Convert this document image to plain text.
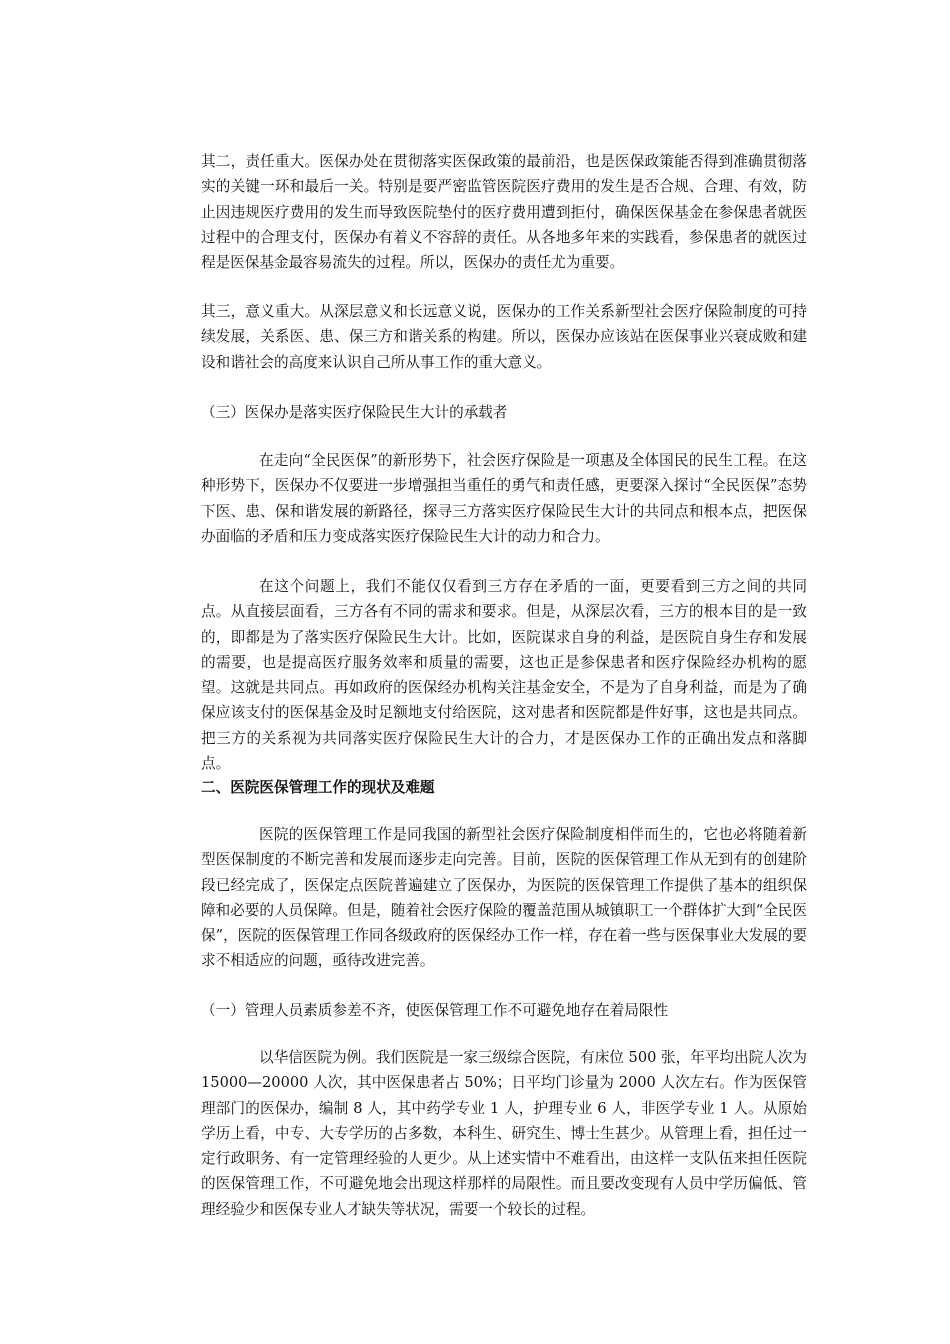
其二，责任重大。医保办处在贯彻落实医保政策的最前沿，也是医保政策能否得到准确贯彻落实的关键一环和最后一关。特别是要严密监管医院医疗费用的发生是否合规、合理、有效，防止因违规医疗费用的发生而导致医院垫付的医疗费用遭到拒付，确保医保基金在参保患者就医过程中的合理支付，医保办有着义不容辞的责任。从各地多年来的实践看，参保患者的就医过程是医保基金最容易流失的过程。所以，医保办的责任尤为重要。

其三，意义重大。从深层意义和长远意义说，医保办的工作关系新型社会医疗保险制度的可持续发展，关系医、患、保三方和谐关系的构建。所以，医保办应该站在医保事业兴衰成败和建设和谐社会的高度来认识自己所从事工作的重大意义。

（三）医保办是落实医疗保险民生大计的承载者

在走向“全民医保”的新形势下，社会医疗保险是一项惠及全体国民的民生工程。在这种形势下，医保办不仅要进一步增强担当重任的勇气和责任感，更要深入探讨“全民医保”态势下医、患、保和谐发展的新路径，探寻三方落实医疗保险民生大计的共同点和根本点，把医保办面临的矛盾和压力变成落实医疗保险民生大计的动力和合力。

在这个问题上，我们不能仅仅看到三方存在矛盾的一面，更要看到三方之间的共同点。从直接层面看，三方各有不同的需求和要求。但是，从深层次看，三方的根本目的是一致的，即都是为了落实医疗保险民生大计。比如，医院谋求自身的利益，是医院自身生存和发展的需要，也是提高医疗服务效率和质量的需要，这也正是参保患者和医疗保险经办机构的愿望。这就是共同点。再如政府的医保经办机构关注基金安全，不是为了自身利益，而是为了确保应该支付的医保基金及时足额地支付给医院，这对患者和医院都是件好事，这也是共同点。把三方的关系视为共同落实医疗保险民生大计的合力，才是医保办工作的正确出发点和落脚点。

二、医院医保管理工作的现状及难题

医院的医保管理工作是同我国的新型社会医疗保险制度相伴而生的，它也必将随着新型医保制度的不断完善和发展而逐步走向完善。目前，医院的医保管理工作从无到有的创建阶段已经完成了，医保定点医院普遍建立了医保办，为医院的医保管理工作提供了基本的组织保障和必要的人员保障。但是，随着社会医疗保险的覆盖范围从城镇职工一个群体扩大到“全民医保”，医院的医保管理工作同各级政府的医保经办工作一样，存在着一些与医保事业大发展的要求不相适应的问题，亟待改进完善。

（一）管理人员素质参差不齐，使医保管理工作不可避免地存在着局限性

以华信医院为例。我们医院是一家三级综合医院，有床位 500 张，年平均出院人次为15000—20000 人次，其中医保患者占 50%；日平均门诊量为 2000 人次左右。作为医保管理部门的医保办，编制 8 人，其中药学专业 1 人，护理专业 6 人，非医学专业 1 人。从原始学历上看，中专、大专学历的占多数，本科生、研究生、博士生甚少。从管理上看，担任过一定行政职务、有一定管理经验的人更少。从上述实情中不难看出，由这样一支队伍来担任医院的医保管理工作，不可避免地会出现这样那样的局限性。而且要改变现有人员中学历偏低、管理经验少和医保专业人才缺失等状况，需要一个较长的过程。
